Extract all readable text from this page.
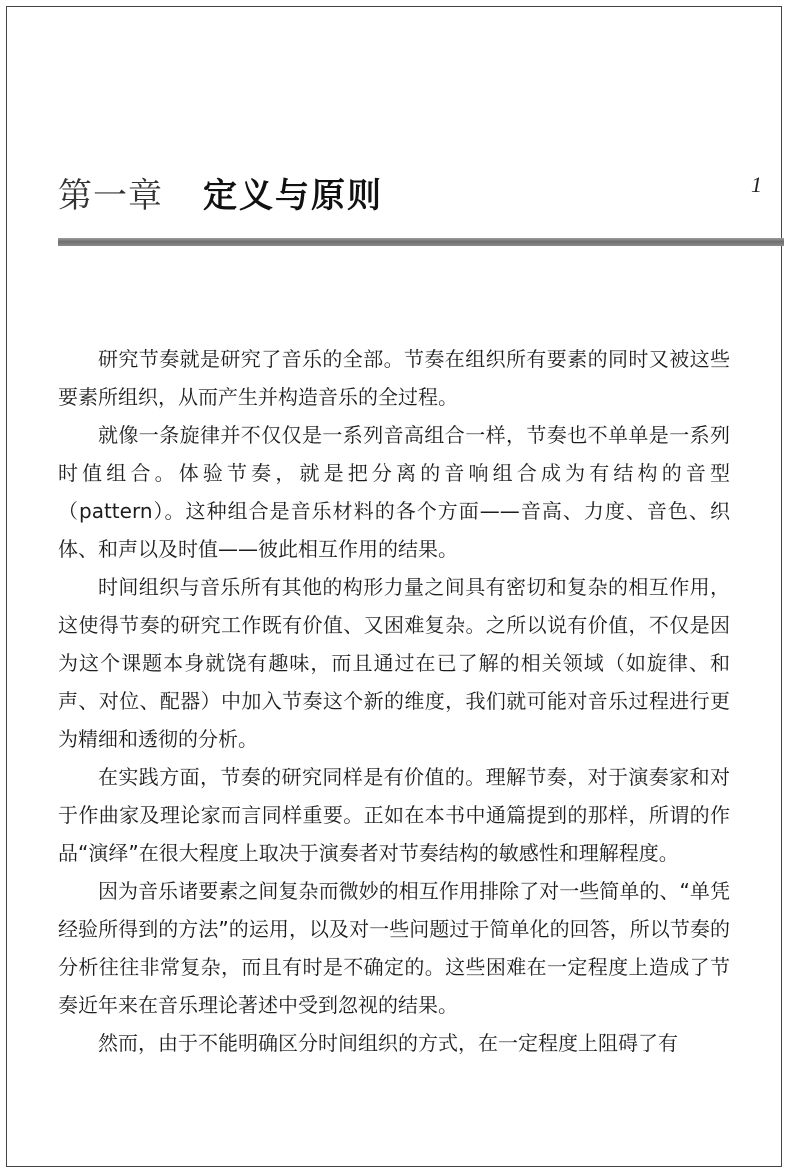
第一章 定义与原则	1

研究节奏就是研究了音乐的全部。节奏在组织所有要素的同时又被这些要素所组织，从而产生并构造音乐的全过程。

就像一条旋律并不仅仅是一系列音高组合一样，节奏也不单单是一系列时值组合。体验节奏，就是把分离的音响组合成为有结构的音型（pattern）。这种组合是音乐材料的各个方面——音高、力度、音色、织体、和声以及时值——彼此相互作用的结果。

时间组织与音乐所有其他的构形力量之间具有密切和复杂的相互作用，这使得节奏的研究工作既有价值、又困难复杂。之所以说有价值，不仅是因为这个课题本身就饶有趣味，而且通过在已了解的相关领域（如旋律、和声、对位、配器）中加入节奏这个新的维度，我们就可能对音乐过程进行更为精细和透彻的分析。

在实践方面，节奏的研究同样是有价值的。理解节奏，对于演奏家和对于作曲家及理论家而言同样重要。正如在本书中通篇提到的那样，所谓的作品“演绎”在很大程度上取决于演奏者对节奏结构的敏感性和理解程度。

因为音乐诸要素之间复杂而微妙的相互作用排除了对一些简单的、“单凭经验所得到的方法”的运用，以及对一些问题过于简单化的回答，所以节奏的分析往往非常复杂，而且有时是不确定的。这些困难在一定程度上造成了节奏近年来在音乐理论著述中受到忽视的结果。

然而，由于不能明确区分时间组织的方式，在一定程度上阻碍了有
